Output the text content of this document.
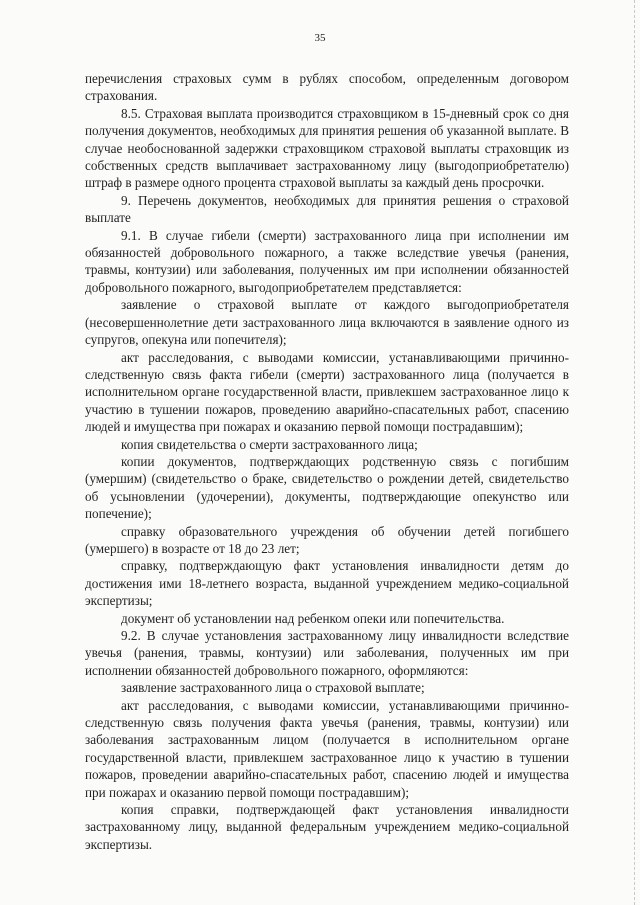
35

перечисления страховых сумм в рублях способом, определенным договором страхования.

8.5. Страховая выплата производится страховщиком в 15-дневный срок со дня получения документов, необходимых для принятия решения об указанной выплате. В случае необоснованной задержки страховщиком страховой выплаты страховщик из собственных средств выплачивает застрахованному лицу (выгодоприобретателю) штраф в размере одного процента страховой выплаты за каждый день просрочки.

9. Перечень документов, необходимых для принятия решения о страховой выплате

9.1. В случае гибели (смерти) застрахованного лица при исполнении им обязанностей добровольного пожарного, а также вследствие увечья (ранения, травмы, контузии) или заболевания, полученных им при исполнении обязанностей добровольного пожарного, выгодоприобретателем представляется:

заявление о страховой выплате от каждого выгодоприобретателя (несовершеннолетние дети застрахованного лица включаются в заявление одного из супругов, опекуна или попечителя);

акт расследования, с выводами комиссии, устанавливающими причинно-следственную связь факта гибели (смерти) застрахованного лица (получается в исполнительном органе государственной власти, привлекшем застрахованное лицо к участию в тушении пожаров, проведению аварийно-спасательных работ, спасению людей и имущества при пожарах и оказанию первой помощи пострадавшим);

копия свидетельства о смерти застрахованного лица;

копии документов, подтверждающих родственную связь с погибшим (умершим) (свидетельство о браке, свидетельство о рождении детей, свидетельство об усыновлении (удочерении), документы, подтверждающие опекунство или попечение);

справку образовательного учреждения об обучении детей погибшего (умершего) в возрасте от 18 до 23 лет;

справку, подтверждающую факт установления инвалидности детям до достижения ими 18-летнего возраста, выданной учреждением медико-социальной экспертизы;

документ об установлении над ребенком опеки или попечительства.

9.2. В случае установления застрахованному лицу инвалидности вследствие увечья (ранения, травмы, контузии) или заболевания, полученных им при исполнении обязанностей добровольного пожарного, оформляются:

заявление застрахованного лица о страховой выплате;

акт расследования, с выводами комиссии, устанавливающими причинно-следственную связь получения факта увечья (ранения, травмы, контузии) или заболевания застрахованным лицом (получается в исполнительном органе государственной власти, привлекшем застрахованное лицо к участию в тушении пожаров, проведении аварийно-спасательных работ, спасению людей и имущества при пожарах и оказанию первой помощи пострадавшим);

копия справки, подтверждающей факт установления инвалидности застрахованному лицу, выданной федеральным учреждением медико-социальной экспертизы.
